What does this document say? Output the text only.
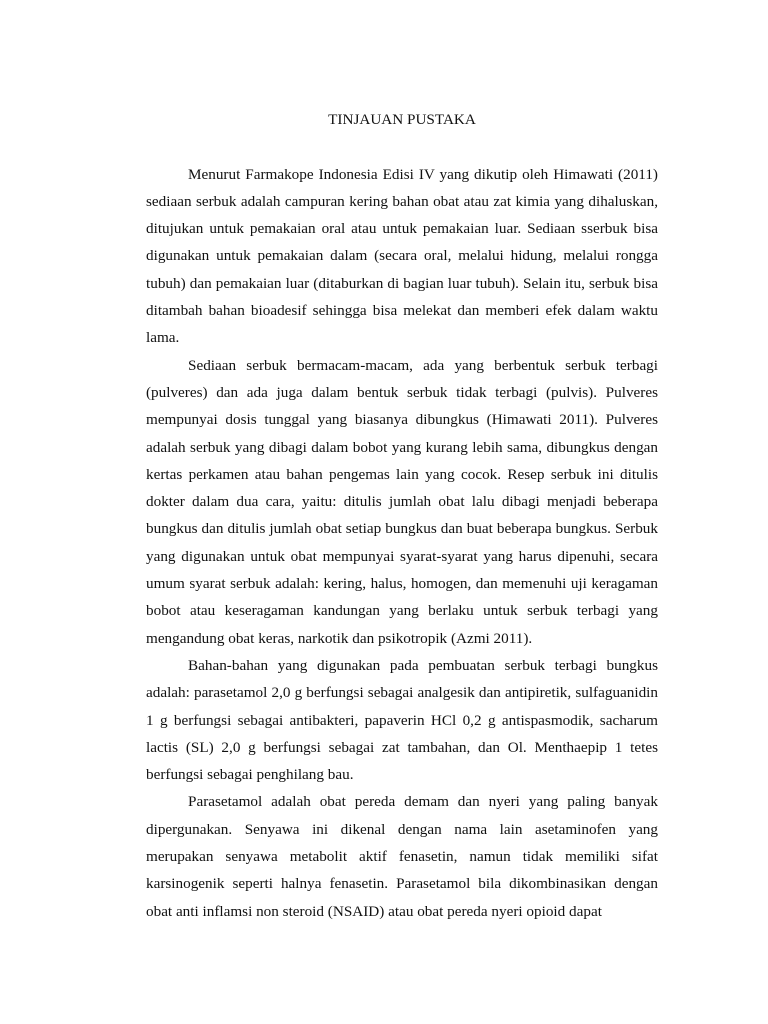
TINJAUAN PUSTAKA

Menurut Farmakope Indonesia Edisi IV yang dikutip oleh Himawati (2011) sediaan serbuk adalah campuran kering bahan obat atau zat kimia yang dihaluskan, ditujukan untuk pemakaian oral atau untuk pemakaian luar. Sediaan sserbuk bisa digunakan untuk pemakaian dalam (secara oral, melalui hidung, melalui rongga tubuh) dan pemakaian luar (ditaburkan di bagian luar tubuh). Selain itu, serbuk bisa ditambah bahan bioadesif sehingga bisa melekat dan memberi efek dalam waktu lama.

Sediaan serbuk bermacam-macam, ada yang berbentuk serbuk terbagi (pulveres) dan ada juga dalam bentuk serbuk tidak terbagi (pulvis). Pulveres mempunyai dosis tunggal yang biasanya dibungkus (Himawati 2011). Pulveres adalah serbuk yang dibagi dalam bobot yang kurang lebih sama, dibungkus dengan kertas perkamen atau bahan pengemas lain yang cocok. Resep serbuk ini ditulis dokter dalam dua cara, yaitu: ditulis jumlah obat lalu dibagi menjadi beberapa bungkus dan ditulis jumlah obat setiap bungkus dan buat beberapa bungkus. Serbuk yang digunakan untuk obat mempunyai syarat-syarat yang harus dipenuhi, secara umum syarat serbuk adalah: kering, halus, homogen, dan memenuhi uji keragaman bobot atau keseragaman kandungan yang berlaku untuk serbuk terbagi yang mengandung obat keras, narkotik dan psikotropik (Azmi 2011).

Bahan-bahan yang digunakan pada pembuatan serbuk terbagi bungkus adalah: parasetamol 2,0 g berfungsi sebagai analgesik dan antipiretik, sulfaguanidin 1 g berfungsi sebagai antibakteri, papaverin HCl 0,2 g antispasmodik, sacharum lactis (SL) 2,0 g berfungsi sebagai zat tambahan, dan Ol. Menthaepip 1 tetes berfungsi sebagai penghilang bau.

Parasetamol adalah obat pereda demam dan nyeri yang paling banyak dipergunakan. Senyawa ini dikenal dengan nama lain asetaminofen yang merupakan senyawa metabolit aktif fenasetin, namun tidak memiliki sifat karsinogenik seperti halnya fenasetin. Parasetamol bila dikombinasikan dengan obat anti inflamsi non steroid (NSAID) atau obat pereda nyeri opioid dapat
